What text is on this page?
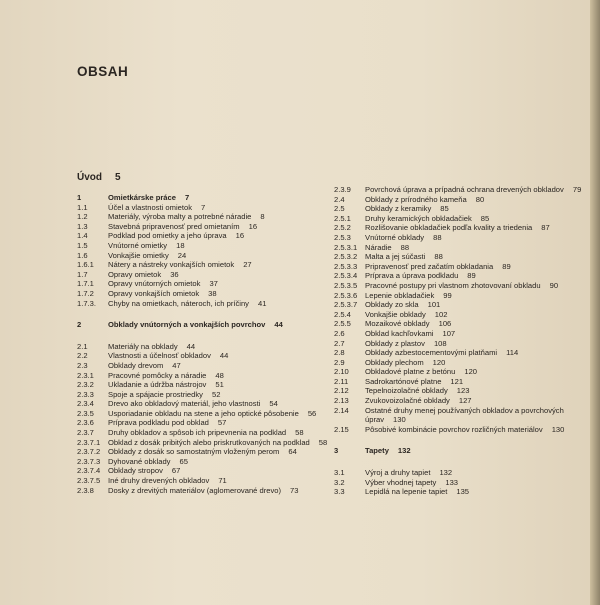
OBSAH
Úvod 5
1	Omietkárske práce 7
1.1	Účel a vlastnosti omietok 7
1.2	Materiály, výroba malty a potrebné náradie 8
1.3	Stavebná pripravenosť pred omietaním 16
1.4	Podklad pod omietky a jeho úprava 16
1.5	Vnútorné omietky 18
1.6	Vonkajšie omietky 24
1.6.1	Nátery a nástreky vonkajších omietok 27
1.7	Opravy omietok 36
1.7.1	Opravy vnútorných omietok 37
1.7.2	Opravy vonkajších omietok 38
1.7.3.	Chyby na omietkach, náteroch, ich príčiny 41
2	Obklady vnútorných a vonkajších povrchov 44
2.1	Materiály na obklady 44
2.2	Vlastnosti a účelnosť obkladov 44
2.3	Obklady drevom 47
2.3.1	Pracovné pomôcky a náradie 48
2.3.2	Ukladanie a údržba nástrojov 51
2.3.3	Spoje a spájacie prostriedky 52
2.3.4	Drevo ako obkladový materiál, jeho vlastnosti 54
2.3.5	Usporiadanie obkladu na stene a jeho optické pôsobenie 56
2.3.6	Príprava podkladu pod obklad 57
2.3.7	Druhy obkladov a spôsob ich pripevnenia na podklad 58
2.3.7.1	Obklad z dosák pribitých alebo priskrutkovaných na podklad 58
2.3.7.2	Obklady z dosák so samostatným vloženým perom 64
2.3.7.3	Dyhované obklady 65
2.3.7.4	Obklady stropov 67
2.3.7.5	Iné druhy drevených obkladov 71
2.3.8	Dosky z drevitých materiálov (aglomerované drevo) 73
2.3.9	Povrchová úprava a prípadná ochrana drevených obkladov 79
2.4	Obklady z prírodného kameňa 80
2.5	Obklady z keramiky 85
2.5.1	Druhy keramických obkladačiek 85
2.5.2	Rozlišovanie obkladačiek podľa kvality a triedenia 87
2.5.3	Vnútorné obklady 88
2.5.3.1	Náradie 88
2.5.3.2	Malta a jej súčasti 88
2.5.3.3	Pripravenosť pred začatím obkladania 89
2.5.3.4	Príprava a úprava podkladu 89
2.5.3.5	Pracovné postupy pri vlastnom zhotovovaní obkladu 90
2.5.3.6	Lepenie obkladačiek 99
2.5.3.7	Obklady zo skla 101
2.5.4	Vonkajšie obklady 102
2.5.5	Mozaikové obklady 106
2.6	Obklad kachľovkami 107
2.7	Obklady z plastov 108
2.8	Obklady azbestocementovými platňami 114
2.9	Obklady plechom 120
2.10	Obkladové platne z betónu 120
2.11	Sadrokartónové platne 121
2.12	Tepelnoizolačné obklady 123
2.13	Zvukovoizolačné obklady 127
2.14	Ostatné druhy menej používaných obkladov a povrchových úprav 130
2.15	Pôsobivé kombinácie povrchov rozličných materiálov 130
3	Tapety 132
3.1	Výroj a druhy tapiet 132
3.2	Výber vhodnej tapety 133
3.3	Lepidlá na lepenie tapiet 135
